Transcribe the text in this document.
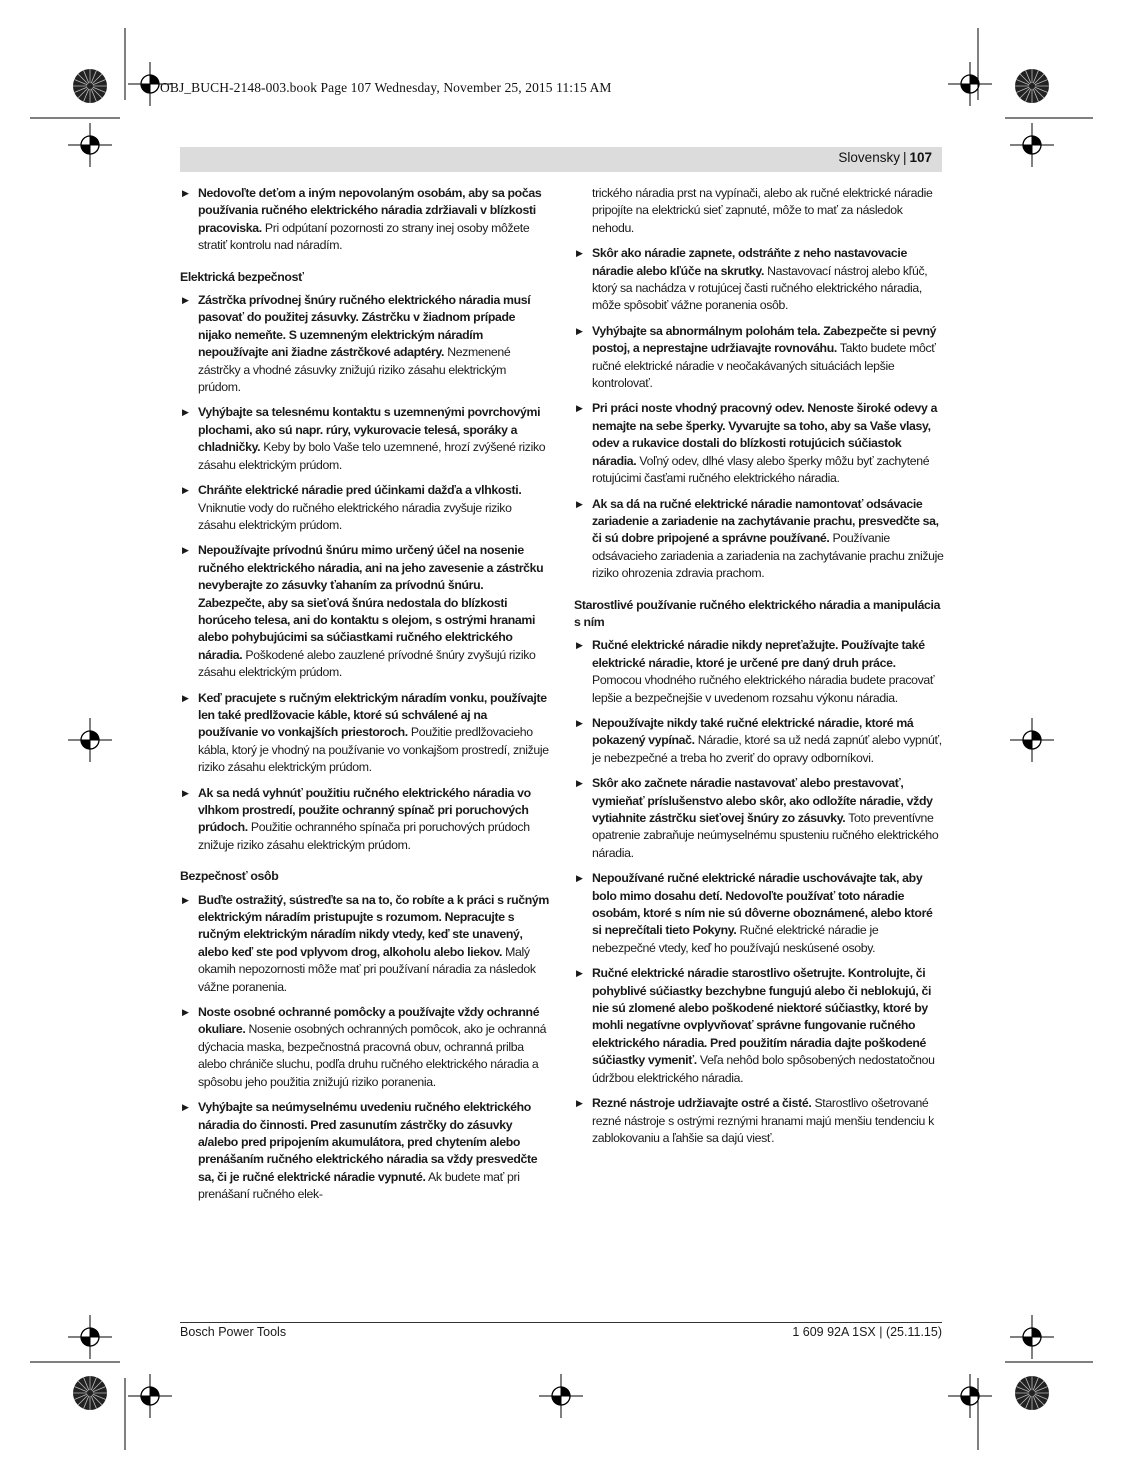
OBJ_BUCH-2148-003.book Page 107 Wednesday, November 25, 2015 11:15 AM
Slovensky | 107
▶ Nedovoľte deťom a iným nepovolaným osobám, aby sa počas používania ručného elektrického náradia zdržiavali v blízkosti pracoviska. Pri odpútaní pozornosti zo strany inej osoby môžete stratiť kontrolu nad náradím.
Elektrická bezpečnosť
▶ Zástrčka prívodnej šnúry ručného elektrického náradia musí pasovať do použitej zásuvky. Zástrčku v žiadnom prípade nijako nemeňte. S uzemneným elektrickým náradím nepoužívajte ani žiadne zástrčkové adaptéry. Nezmenené zástrčky a vhodné zásuvky znižujú riziko zásahu elektrickým prúdom.
▶ Vyhýbajte sa telesnému kontaktu s uzemnenými povrchovými plochami, ako sú napr. rúry, vykurovacie telesá, sporáky a chladničky. Keby by bolo Vaše telo uzemnené, hrozí zvýšené riziko zásahu elektrickým prúdom.
▶ Chráňte elektrické náradie pred účinkami dažďa a vlhkosti. Vniknutie vody do ručného elektrického náradia zvyšuje riziko zásahu elektrickým prúdom.
▶ Nepoužívajte prívodnú šnúru mimo určený účel na nosenie ručného elektrického náradia, ani na jeho zavesenie a zástrčku nevyberajte zo zásuvky ťahaním za prívodnú šnúru. Zabezpečte, aby sa sieťová šnúra nedostala do blízkosti horúceho telesa, ani do kontaktu s olejom, s ostrými hranami alebo pohybujúcimi sa súčiastkami ručného elektrického náradia. Poškodené alebo zauzlené prívodné šnúry zvyšujú riziko zásahu elektrickým prúdom.
▶ Keď pracujete s ručným elektrickým náradím vonku, používajte len také predlžovacie káble, ktoré sú schválené aj na používanie vo vonkajších priestoroch. Použitie predlžovacieho kábla, ktorý je vhodný na používanie vo vonkajšom prostredí, znižuje riziko zásahu elektrickým prúdom.
▶ Ak sa nedá vyhnúť použitiu ručného elektrického náradia vo vlhkom prostredí, použite ochranný spínač pri poruchových prúdoch. Použitie ochranného spínača pri poruchových prúdoch znižuje riziko zásahu elektrickým prúdom.
Bezpečnosť osôb
▶ Buďte ostražitý, sústreďte sa na to, čo robíte a k práci s ručným elektrickým náradím pristupujte s rozumom. Nepracujte s ručným elektrickým náradím nikdy vtedy, keď ste unavený, alebo keď ste pod vplyvom drog, alkoholu alebo liekov. Malý okamih nepozornosti môže mať pri používaní náradia za následok vážne poranenia.
▶ Noste osobné ochranné pomôcky a používajte vždy ochranné okuliare. Nosenie osobných ochranných pomôcok, ako je ochranná dýchacia maska, bezpečnostná pracovná obuv, ochranná prilba alebo chrániče sluchu, podľa druhu ručného elektrického náradia a spôsobu jeho použitia znižujú riziko poranenia.
▶ Vyhýbajte sa neúmyselnému uvedeniu ručného elektrického náradia do činnosti. Pred zasunutím zástrčky do zásuvky a/alebo pred pripojením akumulátora, pred chytením alebo prenášaním ručného elektrického náradia sa vždy presvedčte sa, či je ručné elektrické náradie vypnuté. Ak budete mať pri prenášaní ručného elek-
trického náradia prst na vypínači, alebo ak ručné elektrické náradie pripojíte na elektrickú sieť zapnuté, môže to mať za následok nehodu.
▶ Skôr ako náradie zapnete, odstráňte z neho nastavovacie náradie alebo kľúče na skrutky. Nastavovací nástroj alebo kľúč, ktorý sa nachádza v rotujúcej časti ručného elektrického náradia, môže spôsobiť vážne poranenia osôb.
▶ Vyhýbajte sa abnormálnym polohám tela. Zabezpečte si pevný postoj, a neprestajne udržiavajte rovnováhu. Takto budete môcť ručné elektrické náradie v neočakávaných situáciách lepšie kontrolovať.
▶ Pri práci noste vhodný pracovný odev. Nenoste široké odevy a nemajte na sebe šperky. Vyvarujte sa toho, aby sa Vaše vlasy, odev a rukavice dostali do blízkosti rotujúcich súčiastok náradia. Voľný odev, dlhé vlasy alebo šperky môžu byť zachytené rotujúcimi časťami ručného elektrického náradia.
▶ Ak sa dá na ručné elektrické náradie namontovať odsávacie zariadenie a zariadenie na zachytávanie prachu, presvedčte sa, či sú dobre pripojené a správne používané. Používanie odsávacieho zariadenia a zariadenia na zachytávanie prachu znižuje riziko ohrozenia zdravia prachom.
Starostlivé používanie ručného elektrického náradia a manipulácia s ním
▶ Ručné elektrické náradie nikdy nepreťažujte. Používajte také elektrické náradie, ktoré je určené pre daný druh práce. Pomocou vhodného ručného elektrického náradia budete pracovať lepšie a bezpečnejšie v uvedenom rozsahu výkonu náradia.
▶ Nepoužívajte nikdy také ručné elektrické náradie, ktoré má pokazený vypínač. Náradie, ktoré sa už nedá zapnúť alebo vypnúť, je nebezpečné a treba ho zveriť do opravy odborníkovi.
▶ Skôr ako začnete náradie nastavovať alebo prestavovať, vymieňať príslušenstvo alebo skôr, ako odložíte náradie, vždy vytiahnite zástrčku sieťovej šnúry zo zásuvky. Toto preventívne opatrenie zabraňuje neúmyselnému spusteniu ručného elektrického náradia.
▶ Nepoužívané ručné elektrické náradie uschovávajte tak, aby bolo mimo dosahu detí. Nedovoľte používať toto náradie osobám, ktoré s ním nie sú dôverne oboznámené, alebo ktoré si neprečítali tieto Pokyny. Ručné elektrické náradie je nebezpečné vtedy, keď ho používajú neskúsené osoby.
▶ Ručné elektrické náradie starostlivo ošetrujte. Kontrolujte, či pohyblivé súčiastky bezchybne fungujú alebo či neblokujú, či nie sú zlomené alebo poškodené niektoré súčiastky, ktoré by mohli negatívne ovplyvňovať správne fungovanie ručného elektrického náradia. Pred použitím náradia dajte poškodené súčiastky vymeniť. Veľa nehôd bolo spôsobených nedostatočnou údržbou elektrického náradia.
▶ Rezné nástroje udržiavajte ostré a čisté. Starostlivo ošetrované rezné nástroje s ostrými reznými hranami majú menšiu tendenciu k zablokovaniu a ľahšie sa dajú viesť.
Bosch Power Tools	1 609 92A 1SX | (25.11.15)
